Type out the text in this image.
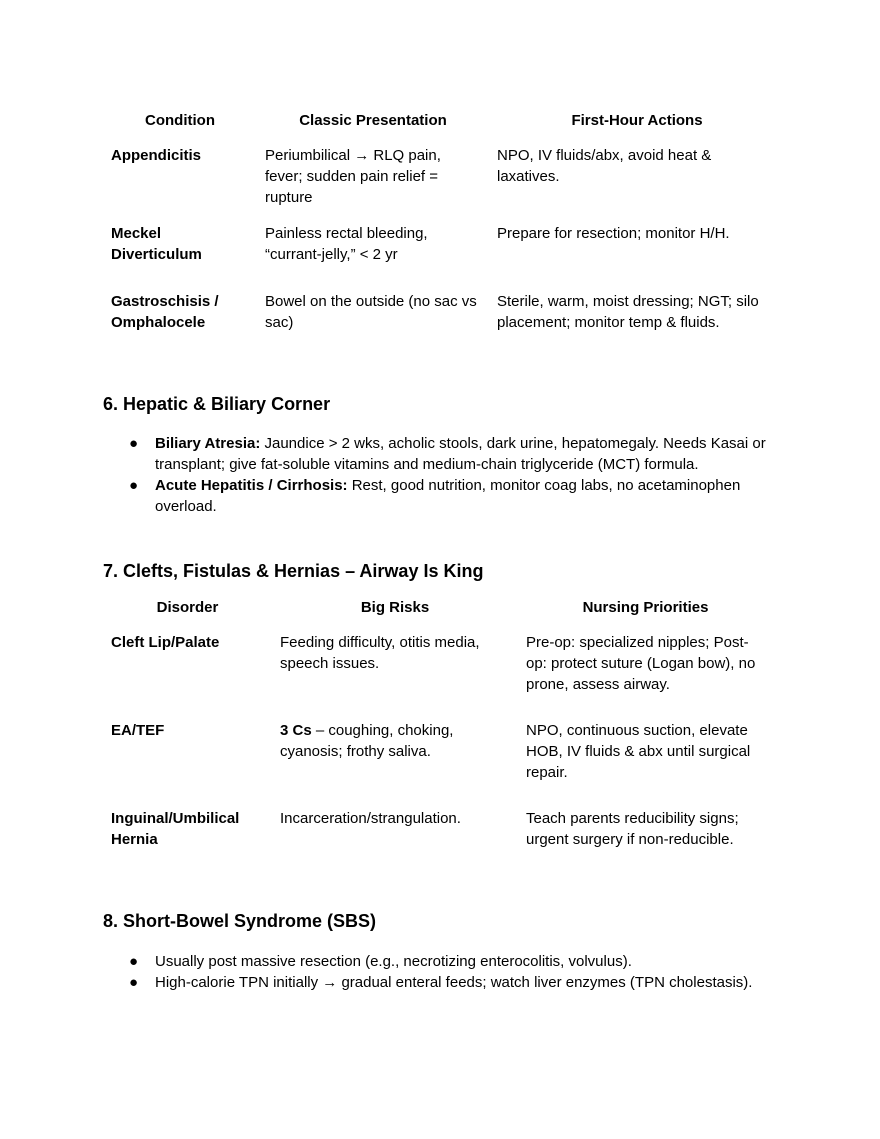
Condition	Classic Presentation	First-Hour Actions
Appendicitis	Periumbilical → RLQ pain, fever; sudden pain relief = rupture	NPO, IV fluids/abx, avoid heat & laxatives.
Meckel Diverticulum	Painless rectal bleeding, “currant-jelly,” < 2 yr	Prepare for resection; monitor H/H.
Gastroschisis / Omphalocele	Bowel on the outside (no sac vs sac)	Sterile, warm, moist dressing; NGT; silo placement; monitor temp & fluids.
6. Hepatic & Biliary Corner
● Biliary Atresia: Jaundice > 2 wks, acholic stools, dark urine, hepatomegaly. Needs Kasai or transplant; give fat-soluble vitamins and medium-chain triglyceride (MCT) formula.
● Acute Hepatitis / Cirrhosis: Rest, good nutrition, monitor coag labs, no acetaminophen overload.
7. Clefts, Fistulas & Hernias – Airway Is King
Disorder	Big Risks	Nursing Priorities
Cleft Lip/Palate	Feeding difficulty, otitis media, speech issues.	Pre-op: specialized nipples; Post-op: protect suture (Logan bow), no prone, assess airway.
EA/TEF	3 Cs – coughing, choking, cyanosis; frothy saliva.	NPO, continuous suction, elevate HOB, IV fluids & abx until surgical repair.
Inguinal/Umbilical Hernia	Incarceration/strangulation.	Teach parents reducibility signs; urgent surgery if non-reducible.
8. Short-Bowel Syndrome (SBS)
● Usually post massive resection (e.g., necrotizing enterocolitis, volvulus).
● High-calorie TPN initially → gradual enteral feeds; watch liver enzymes (TPN cholestasis).
